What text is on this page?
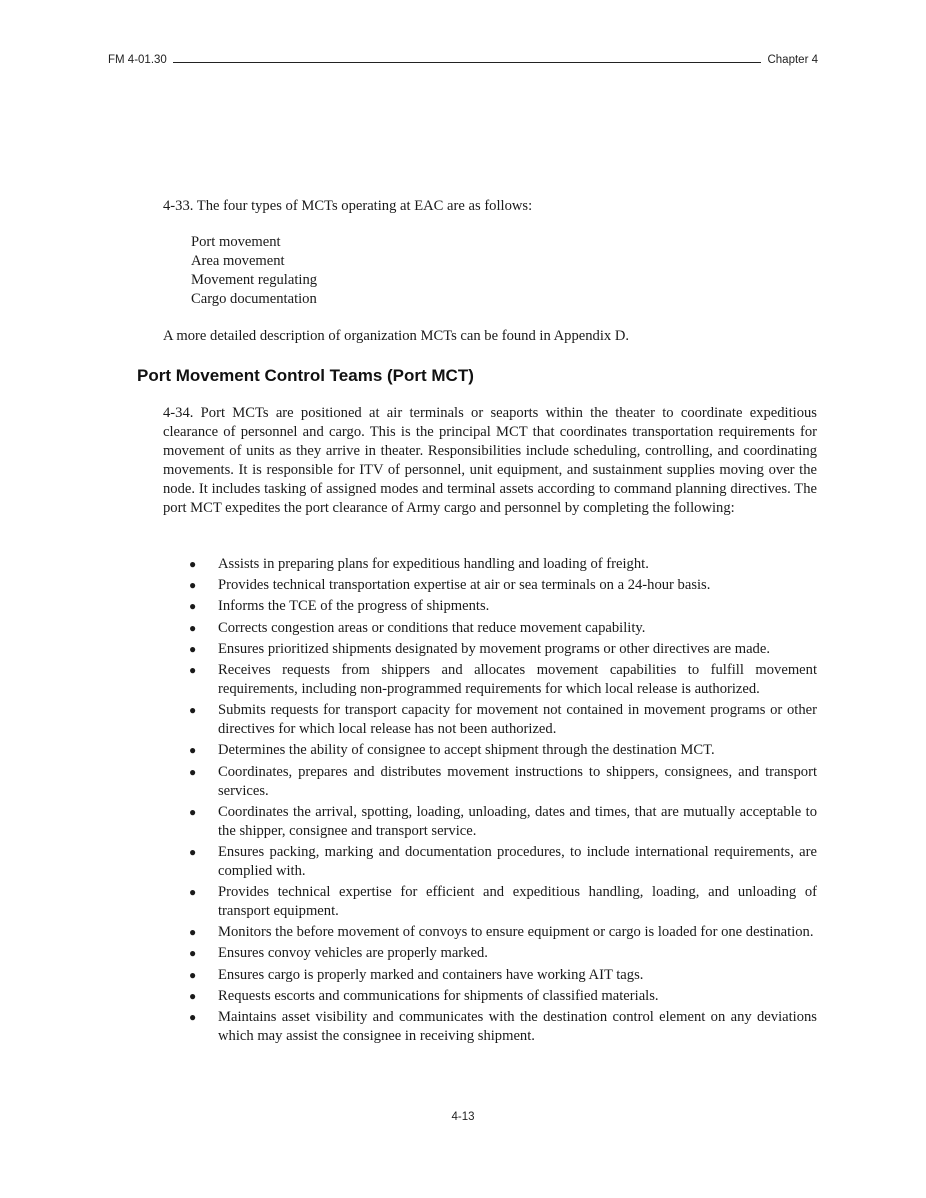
FM 4-01.30	Chapter 4
4-33. The four types of MCTs operating at EAC are as follows:
Port movement
Area movement
Movement regulating
Cargo documentation
A more detailed description of organization MCTs can be found in Appendix D.
Port Movement Control Teams (Port MCT)
4-34. Port MCTs are positioned at air terminals or seaports within the theater to coordinate expeditious clearance of personnel and cargo. This is the principal MCT that coordinates transportation requirements for movement of units as they arrive in theater. Responsibilities include scheduling, controlling, and coordinating movements. It is responsible for ITV of personnel, unit equipment, and sustainment supplies moving over the node. It includes tasking of assigned modes and terminal assets according to command planning directives. The port MCT expedites the port clearance of Army cargo and personnel by completing the following:
●	Assists in preparing plans for expeditious handling and loading of freight.
●	Provides technical transportation expertise at air or sea terminals on a 24-hour basis.
●	Informs the TCE of the progress of shipments.
●	Corrects congestion areas or conditions that reduce movement capability.
●	Ensures prioritized shipments designated by movement programs or other directives are made.
●	Receives requests from shippers and allocates movement capabilities to fulfill movement requirements, including non-programmed requirements for which local release is authorized.
●	Submits requests for transport capacity for movement not contained in movement programs or other directives for which local release has not been authorized.
●	Determines the ability of consignee to accept shipment through the destination MCT.
●	Coordinates, prepares and distributes movement instructions to shippers, consignees, and transport services.
●	Coordinates the arrival, spotting, loading, unloading, dates and times, that are mutually acceptable to the shipper, consignee and transport service.
●	Ensures packing, marking and documentation procedures, to include international requirements, are complied with.
●	Provides technical expertise for efficient and expeditious handling, loading, and unloading of transport equipment.
●	Monitors the before movement of convoys to ensure equipment or cargo is loaded for one destination.
●	Ensures convoy vehicles are properly marked.
●	Ensures cargo is properly marked and containers have working AIT tags.
●	Requests escorts and communications for shipments of classified materials.
●	Maintains asset visibility and communicates with the destination control element on any deviations which may assist the consignee in receiving shipment.
4-13
